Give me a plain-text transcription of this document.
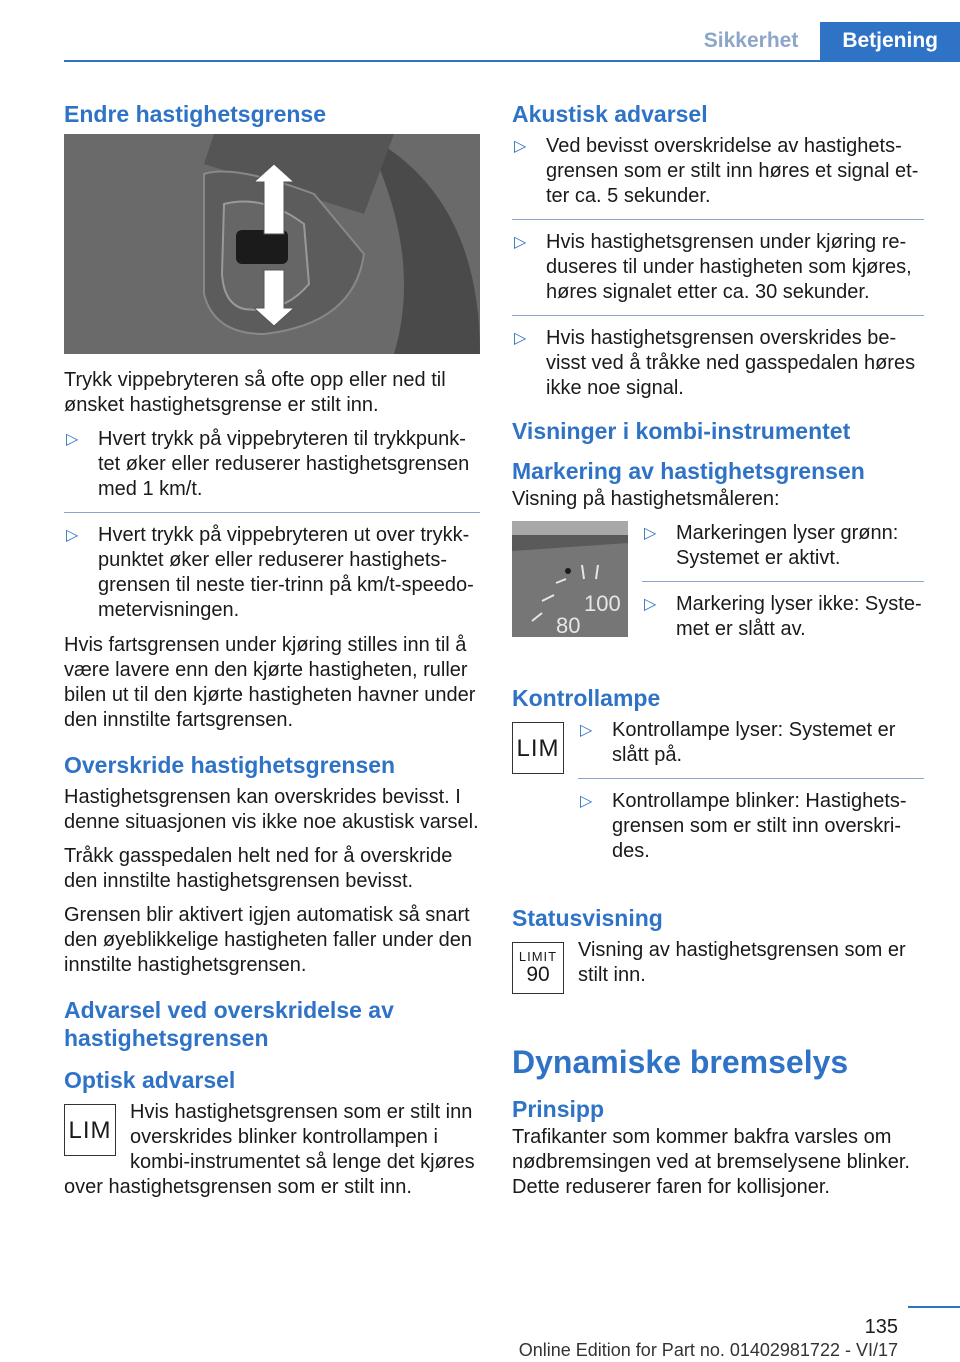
Sikkerhet	Betjening
Endre hastighetsgrense

Trykk vippebryteren så ofte opp eller ned til ønsket hastighetsgrense er stilt inn.

▷ Hvert trykk på vippebryteren til trykkpunktet øker eller reduserer hastighetsgrensen med 1 km/t.
▷ Hvert trykk på vippebryteren ut over trykkpunktet øker eller reduserer hastighetsgrensen til neste tier-trinn på km/t-speedometervisningen.

Hvis fartsgrensen under kjøring stilles inn til å være lavere enn den kjørte hastigheten, ruller bilen ut til den kjørte hastigheten havner under den innstilte fartsgrensen.

Overskride hastighetsgrensen

Hastighetsgrensen kan overskrides bevisst. I denne situasjonen vis ikke noe akustisk varsel.

Tråkk gasspedalen helt ned for å overskride den innstilte hastighetsgrensen bevisst.

Grensen blir aktivert igjen automatisk så snart den øyeblikkelige hastigheten faller under den innstilte hastighetsgrensen.

Advarsel ved overskridelse av hastighetsgrensen
Optisk advarsel
LIM

Hvis hastighetsgrensen som er stilt inn overskrides blinker kontrollampen i kombi-instrumentet så lenge det kjøres over hastighetsgrensen som er stilt inn.

Akustisk advarsel
▷ Ved bevisst overskridelse av hastighetsgrensen som er stilt inn høres et signal etter ca. 5 sekunder.
▷ Hvis hastighetsgrensen under kjøring reduseres til under hastigheten som kjøres, høres signalet etter ca. 30 sekunder.
▷ Hvis hastighetsgrensen overskrides bevisst ved å tråkke ned gasspedalen høres ikke noe signal.
Visninger i kombi-instrumentet
Markering av hastighetsgrensen

Visning på hastighetsmåleren:

100
80
▷ Markeringen lyser grønn: Systemet er aktivt.
▷ Markering lyser ikke: Systemet er slått av.
Kontrollampe
LIM
▷ Kontrollampe lyser: Systemet er slått på.
▷ Kontrollampe blinker: Hastighetsgrensen som er stilt inn overskrides.
Statusvisning
LIMIT
90

Visning av hastighetsgrensen som er stilt inn.

Dynamiske bremselys
Prinsipp

Trafikanter som kommer bakfra varsles om nødbremsingen ved at bremselysene blinker. Dette reduserer faren for kollisjoner.

135
Online Edition for Part no. 01402981722 - VI/17
